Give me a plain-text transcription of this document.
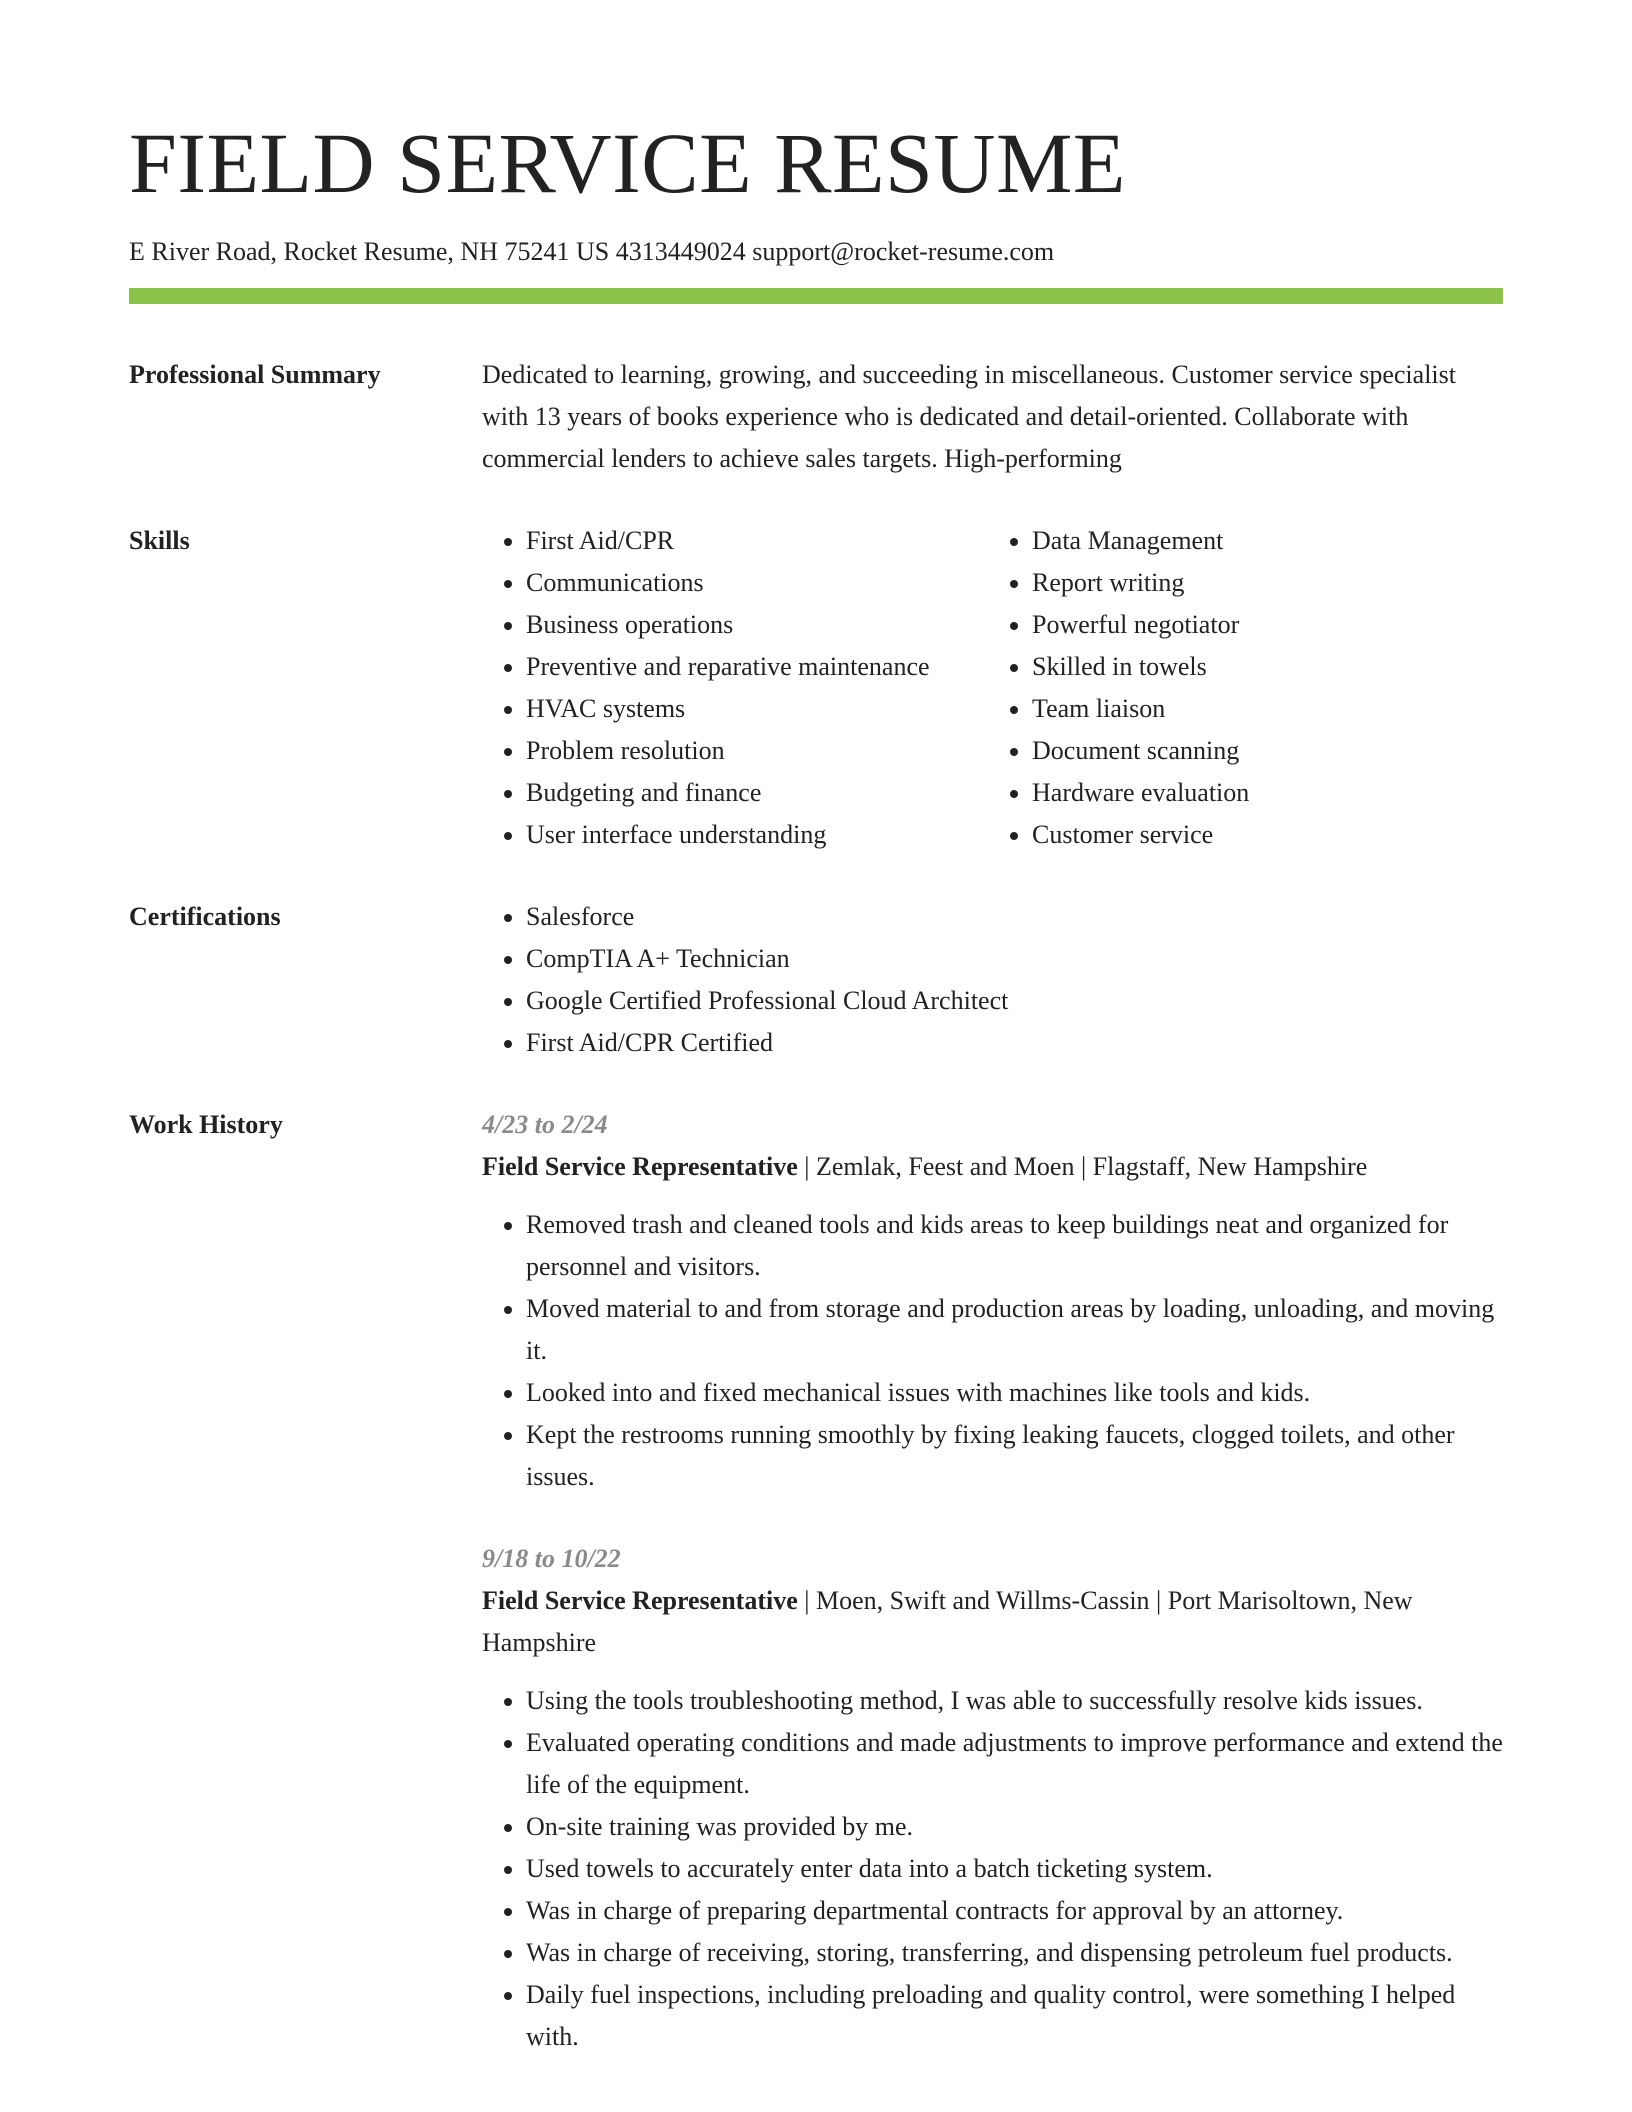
FIELD SERVICE RESUME
E River Road, Rocket Resume, NH 75241 US 4313449024 support@rocket-resume.com
Professional Summary	Dedicated to learning, growing, and succeeding in miscellaneous. Customer service specialist with 13 years of books experience who is dedicated and detail-oriented. Collaborate with commercial lenders to achieve sales targets. High-performing
Skills	• First Aid/CPR
• Communications
• Business operations
• Preventive and reparative maintenance
• HVAC systems
• Problem resolution
• Budgeting and finance
• User interface understanding
• Data Management
• Report writing
• Powerful negotiator
• Skilled in towels
• Team liaison
• Document scanning
• Hardware evaluation
• Customer service
Certifications	• Salesforce
• CompTIA A+ Technician
• Google Certified Professional Cloud Architect
• First Aid/CPR Certified
Work History	4/23 to 2/24
Field Service Representative | Zemlak, Feest and Moen | Flagstaff, New Hampshire
• Removed trash and cleaned tools and kids areas to keep buildings neat and organized for personnel and visitors.
• Moved material to and from storage and production areas by loading, unloading, and moving it.
• Looked into and fixed mechanical issues with machines like tools and kids.
• Kept the restrooms running smoothly by fixing leaking faucets, clogged toilets, and other issues.
9/18 to 10/22
Field Service Representative | Moen, Swift and Willms-Cassin | Port Marisoltown, New Hampshire
• Using the tools troubleshooting method, I was able to successfully resolve kids issues.
• Evaluated operating conditions and made adjustments to improve performance and extend the life of the equipment.
• On-site training was provided by me.
• Used towels to accurately enter data into a batch ticketing system.
• Was in charge of preparing departmental contracts for approval by an attorney.
• Was in charge of receiving, storing, transferring, and dispensing petroleum fuel products.
• Daily fuel inspections, including preloading and quality control, were something I helped with.
